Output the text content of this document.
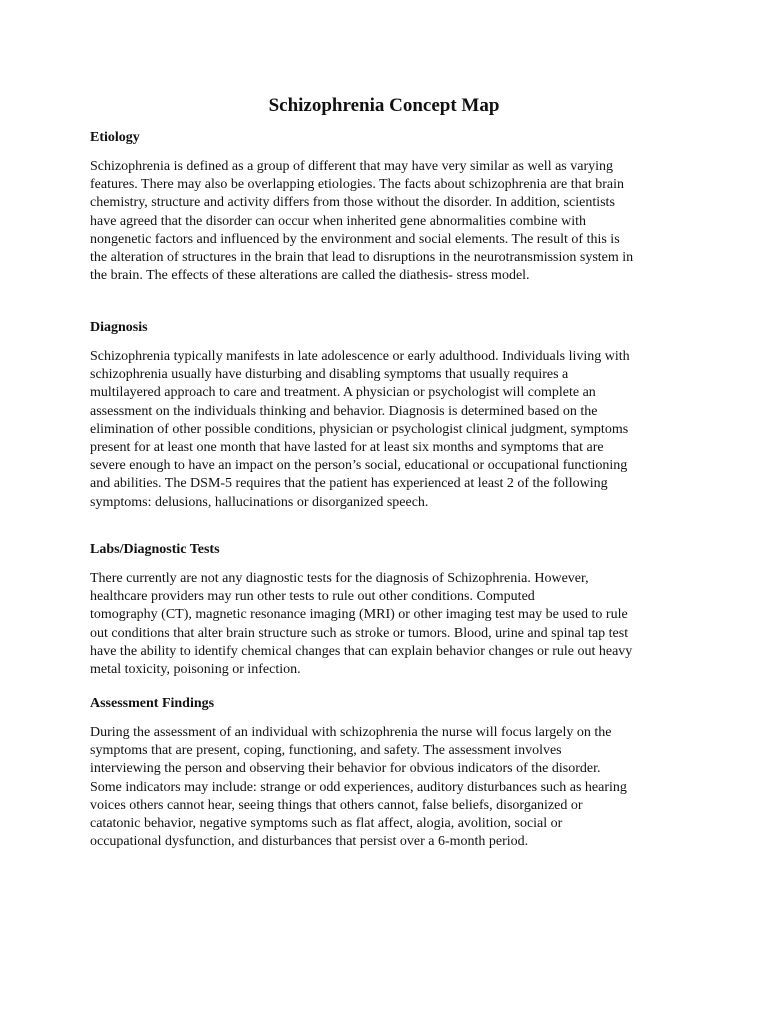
Schizophrenia Concept Map
Etiology

Schizophrenia is defined as a group of different that may have very similar as well as varying
features. There may also be overlapping etiologies. The facts about schizophrenia are that brain
chemistry, structure and activity differs from those without the disorder. In addition, scientists
have agreed that the disorder can occur when inherited gene abnormalities combine with
nongenetic factors and influenced by the environment and social elements. The result of this is
the alteration of structures in the brain that lead to disruptions in the neurotransmission system in
the brain. The effects of these alterations are called the diathesis- stress model.

Diagnosis

Schizophrenia typically manifests in late adolescence or early adulthood. Individuals living with
schizophrenia usually have disturbing and disabling symptoms that usually requires a
multilayered approach to care and treatment. A physician or psychologist will complete an
assessment on the individuals thinking and behavior. Diagnosis is determined based on the
elimination of other possible conditions, physician or psychologist clinical judgment, symptoms
present for at least one month that have lasted for at least six months and symptoms that are
severe enough to have an impact on the person’s social, educational or occupational functioning
and abilities. The DSM-5 requires that the patient has experienced at least 2 of the following
symptoms: delusions, hallucinations or disorganized speech.

Labs/Diagnostic Tests

There currently are not any diagnostic tests for the diagnosis of Schizophrenia. However,
healthcare providers may run other tests to rule out other conditions. Computed
tomography (CT), magnetic resonance imaging (MRI) or other imaging test may be used to rule
out conditions that alter brain structure such as stroke or tumors. Blood, urine and spinal tap test
have the ability to identify chemical changes that can explain behavior changes or rule out heavy
metal toxicity, poisoning or infection.

Assessment Findings

During the assessment of an individual with schizophrenia the nurse will focus largely on the
symptoms that are present, coping, functioning, and safety. The assessment involves
interviewing the person and observing their behavior for obvious indicators of the disorder.
Some indicators may include: strange or odd experiences, auditory disturbances such as hearing
voices others cannot hear, seeing things that others cannot, false beliefs, disorganized or
catatonic behavior, negative symptoms such as flat affect, alogia, avolition, social or
occupational dysfunction, and disturbances that persist over a 6-month period.
